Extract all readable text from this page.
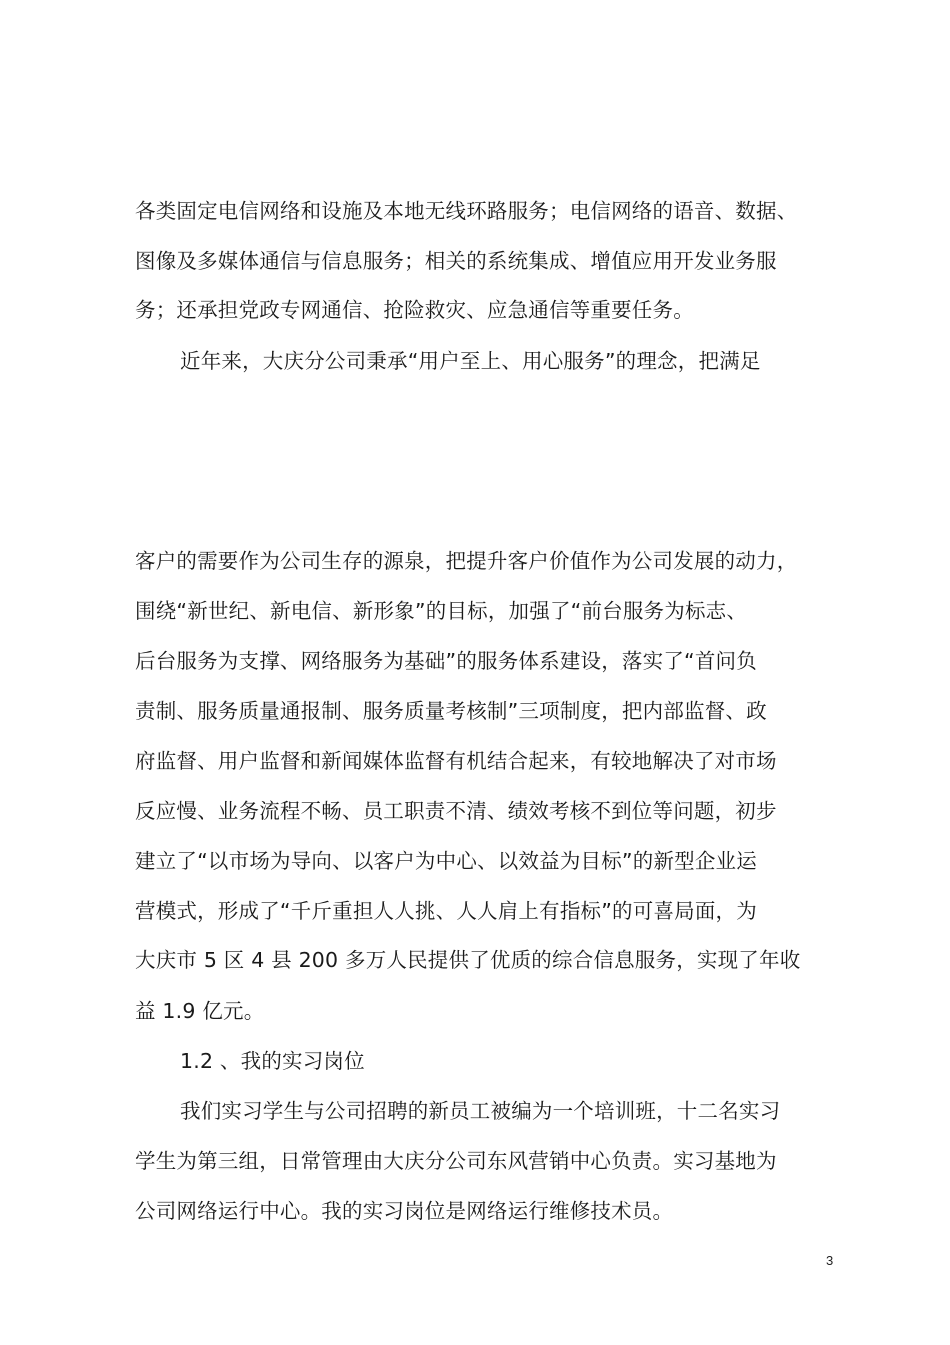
各类固定电信网络和设施及本地无线环路服务；电信网络的语音、数据、
图像及多媒体通信与信息服务；相关的系统集成、增值应用开发业务服
务；还承担党政专网通信、抢险救灾、应急通信等重要任务。
近年来，大庆分公司秉承“用户至上、用心服务”的理念，把满足
客户的需要作为公司生存的源泉，把提升客户价值作为公司发展的动力，
围绕“新世纪、新电信、新形象”的目标，加强了“前台服务为标志、
后台服务为支撑、网络服务为基础”的服务体系建设，落实了“首问负
责制、服务质量通报制、服务质量考核制”三项制度，把内部监督、政
府监督、用户监督和新闻媒体监督有机结合起来，有较地解决了对市场
反应慢、业务流程不畅、员工职责不清、绩效考核不到位等问题，初步
建立了“以市场为导向、以客户为中心、以效益为目标”的新型企业运
营模式，形成了“千斤重担人人挑、人人肩上有指标”的可喜局面，为
大庆市 5 区 4 县 200 多万人民提供了优质的综合信息服务，实现了年收
益 1.9 亿元。
1.2 、我的实习岗位
我们实习学生与公司招聘的新员工被编为一个培训班，十二名实习
学生为第三组，日常管理由大庆分公司东风营销中心负责。实习基地为
公司网络运行中心。我的实习岗位是网络运行维修技术员。
3
